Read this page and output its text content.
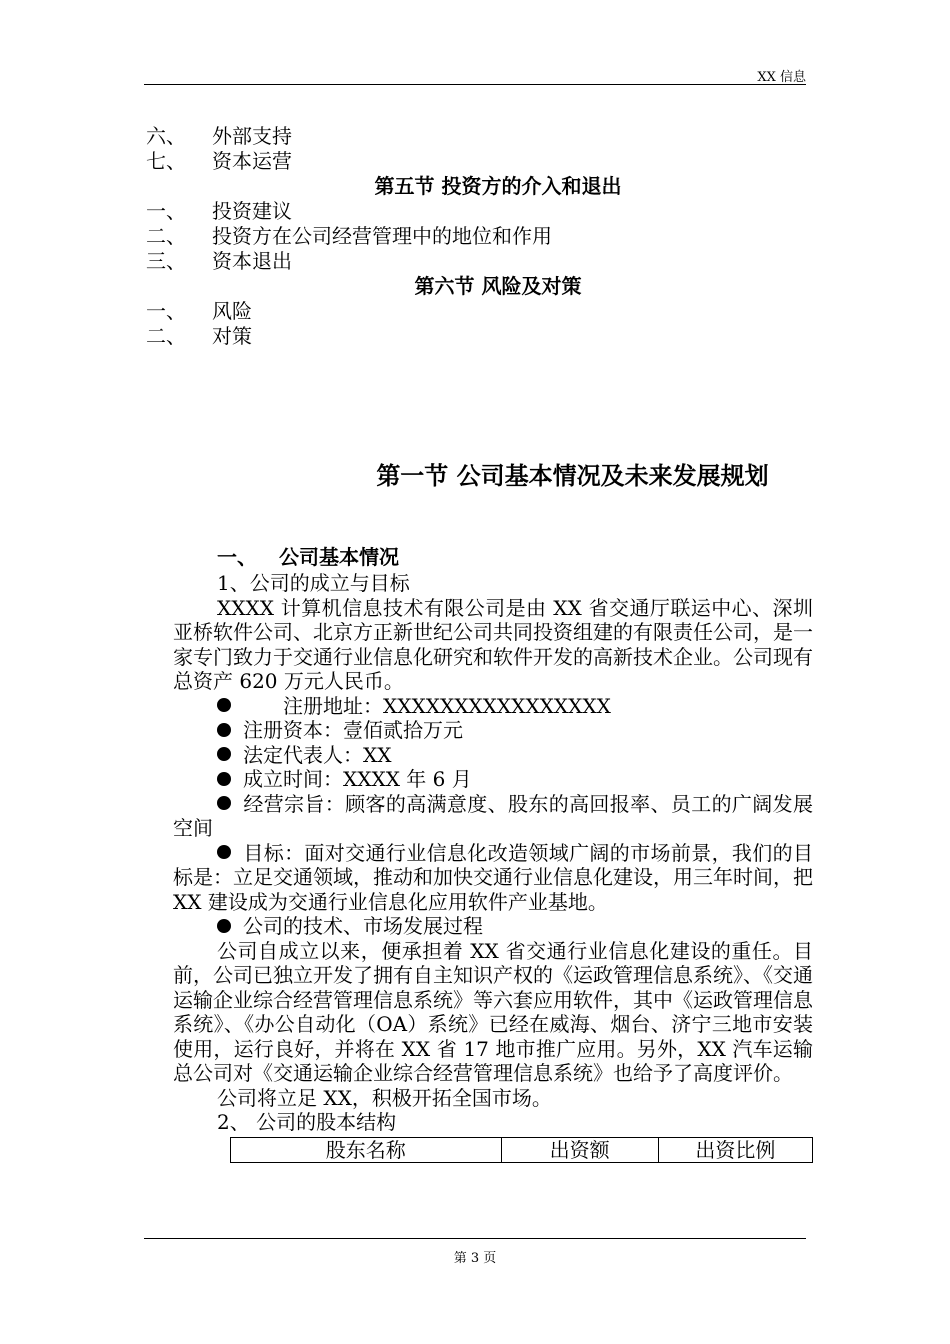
XX 信息
六、 外部支持
七、 资本运营
第五节 投资方的介入和退出
一、 投资建议
二、 投资方在公司经营管理中的地位和作用
三、 资本退出
第六节 风险及对策
一、 风险
二、 对策
第一节 公司基本情况及未来发展规划
一、 公司基本情况

1、公司的成立与目标

XXXX 计算机信息技术有限公司是由 XX 省交通厅联运中心、深圳亚桥软件公司、北京方正新世纪公司共同投资组建的有限责任公司，是一家专门致力于交通行业信息化研究和软件开发的高新技术企业。公司现有总资产 620 万元人民币。

注册地址：XXXXXXXXXXXXXXXX

注册资本：壹佰贰拾万元

法定代表人：XX

成立时间：XXXX 年 6 月

经营宗旨：顾客的高满意度、股东的高回报率、员工的广阔发展空间

目标：面对交通行业信息化改造领域广阔的市场前景，我们的目标是：立足交通领域，推动和加快交通行业信息化建设，用三年时间，把 XX 建设成为交通行业信息化应用软件产业基地。

公司的技术、市场发展过程

公司自成立以来，便承担着 XX 省交通行业信息化建设的重任。目前，公司已独立开发了拥有自主知识产权的《运政管理信息系统》、《交通运输企业综合经营管理信息系统》等六套应用软件，其中《运政管理信息系统》、《办公自动化（OA）系统》已经在威海、烟台、济宁三地市安装使用，运行良好，并将在 XX 省 17 地市推广应用。另外，XX 汽车运输总公司对《交通运输企业综合经营管理信息系统》也给予了高度评价。

公司将立足 XX，积极开拓全国市场。

2、 公司的股本结构

股东名称	出资额	出资比例
第 3 页
